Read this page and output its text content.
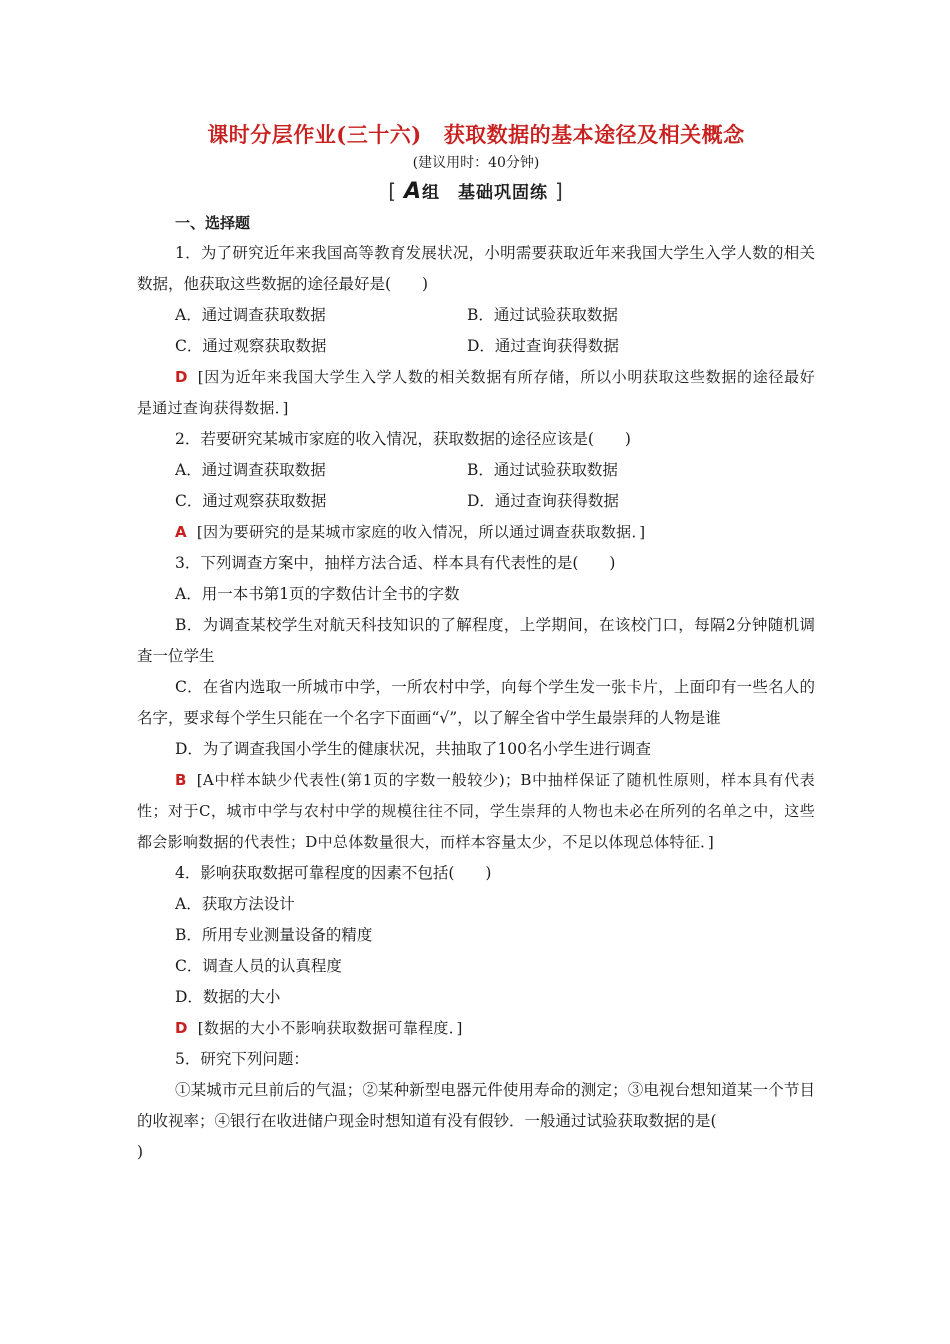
课时分层作业(三十六) 获取数据的基本途径及相关概念
(建议用时：40分钟)
[ A组　基础巩固练 ]
一、选择题

1．为了研究近年来我国高等教育发展状况，小明需要获取近年来我国大学生入学人数的相关数据，他获取这些数据的途径最好是(　　)

A．通过调查获取数据	B．通过试验获取数据
C．通过观察获取数据	D．通过查询获得数据

D [因为近年来我国大学生入学人数的相关数据有所存储，所以小明获取这些数据的途径最好是通过查询获得数据．]

2．若要研究某城市家庭的收入情况，获取数据的途径应该是(　　)

A．通过调查获取数据	B．通过试验获取数据
C．通过观察获取数据	D．通过查询获得数据

A [因为要研究的是某城市家庭的收入情况，所以通过调查获取数据．]

3．下列调查方案中，抽样方法合适、样本具有代表性的是(　　)

A．用一本书第1页的字数估计全书的字数

B．为调查某校学生对航天科技知识的了解程度，上学期间，在该校门口，每隔2分钟随机调查一位学生

C．在省内选取一所城市中学，一所农村中学，向每个学生发一张卡片，上面印有一些名人的名字，要求每个学生只能在一个名字下面画“√”，以了解全省中学生最崇拜的人物是谁

D．为了调查我国小学生的健康状况，共抽取了100名小学生进行调查

B [A中样本缺少代表性(第1页的字数一般较少)；B中抽样保证了随机性原则，样本具有代表性；对于C，城市中学与农村中学的规模往往不同，学生崇拜的人物也未必在所列的名单之中，这些都会影响数据的代表性；D中总体数量很大，而样本容量太少，不足以体现总体特征．]

4．影响获取数据可靠程度的因素不包括(　　)

A．获取方法设计

B．所用专业测量设备的精度

C．调查人员的认真程度

D．数据的大小

D [数据的大小不影响获取数据可靠程度．]

5．研究下列问题：

①某城市元旦前后的气温；②某种新型电器元件使用寿命的测定；③电视台想知道某一个节目的收视率；④银行在收进储户现金时想知道有没有假钞．一般通过试验获取数据的是(
)
